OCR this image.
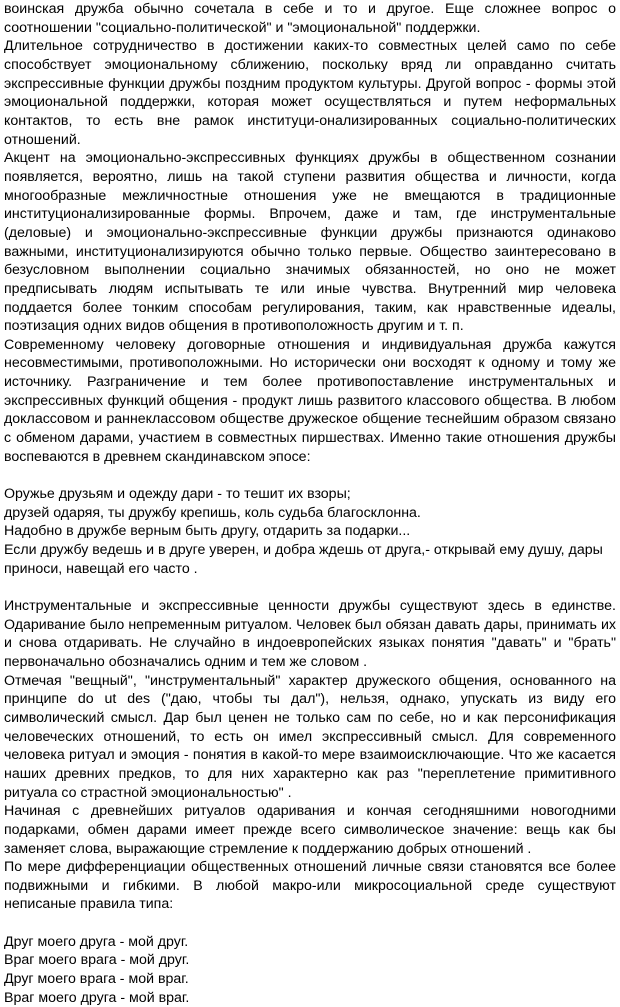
воинская дружба обычно сочетала в себе и то и другое. Еще сложнее вопрос о соотношении "социально-политической" и "эмоциональной" поддержки.

Длительное сотрудничество в достижении каких-то совместных целей само по себе способствует эмоциональному сближению, поскольку вряд ли оправданно считать экспрессивные функции дружбы поздним продуктом культуры. Другой вопрос - формы этой эмоциональной поддержки, которая может осуществляться и путем неформальных контактов, то есть вне рамок институци-онализированных социально-политических отношений.

Акцент на эмоционально-экспрессивных функциях дружбы в общественном сознании появляется, вероятно, лишь на такой ступени развития общества и личности, когда многообразные межличностные отношения уже не вмещаются в традиционные институционализированные формы. Впрочем, даже и там, где инструментальные (деловые) и эмоционально-экспрессивные функции дружбы признаются одинаково важными, институционализируются обычно только первые. Общество заинтересовано в безусловном выполнении социально значимых обязанностей, но оно не может предписывать людям испытывать те или иные чувства. Внутренний мир человека поддается более тонким способам регулирования, таким, как нравственные идеалы, поэтизация одних видов общения в противоположность другим и т. п.

Современному человеку договорные отношения и индивидуальная дружба кажутся несовместимыми, противоположными. Но исторически они восходят к одному и тому же источнику. Разграничение и тем более противопоставление инструментальных и экспрессивных функций общения - продукт лишь развитого классового общества. В любом доклассовом и раннеклассовом обществе дружеское общение теснейшим образом связано с обменом дарами, участием в совместных пиршествах. Именно такие отношения дружбы воспеваются в древнем скандинавском эпосе:

Оружье друзьям и одежду дари - то тешит их взоры;

друзей одаряя, ты дружбу крепишь, коль судьба благосклонна.

Надобно в дружбе верным быть другу, отдарить за подарки...

Если дружбу ведешь и в друге уверен, и добра ждешь от друга,- открывай ему душу, дары приноси, навещай его часто .

Инструментальные и экспрессивные ценности дружбы существуют здесь в единстве. Одаривание было непременным ритуалом. Человек был обязан давать дары, принимать их и снова отдаривать. Не случайно в индоевропейских языках понятия "давать" и "брать" первоначально обозначались одним и тем же словом .

Отмечая "вещный", "инструментальный" характер дружеского общения, основанного на принципе do ut des ("даю, чтобы ты дал"), нельзя, однако, упускать из виду его символический смысл. Дар был ценен не только сам по себе, но и как персонификация человеческих отношений, то есть он имел экспрессивный смысл. Для современного человека ритуал и эмоция - понятия в какой-то мере взаимоисключающие. Что же касается наших древних предков, то для них характерно как раз "переплетение примитивного ритуала со страстной эмоциональностью" .

Начиная с древнейших ритуалов одаривания и кончая сегодняшними новогодними подарками, обмен дарами имеет прежде всего символическое значение: вещь как бы заменяет слова, выражающие стремление к поддержанию добрых отношений .

По мере дифференциации общественных отношений личные связи становятся все более подвижными и гибкими. В любой макро-или микросоциальной среде существуют неписаные правила типа:

Друг моего друга - мой друг.

Враг моего врага - мой друг.

Друг моего врага - мой враг.

Враг моего друга - мой враг.
